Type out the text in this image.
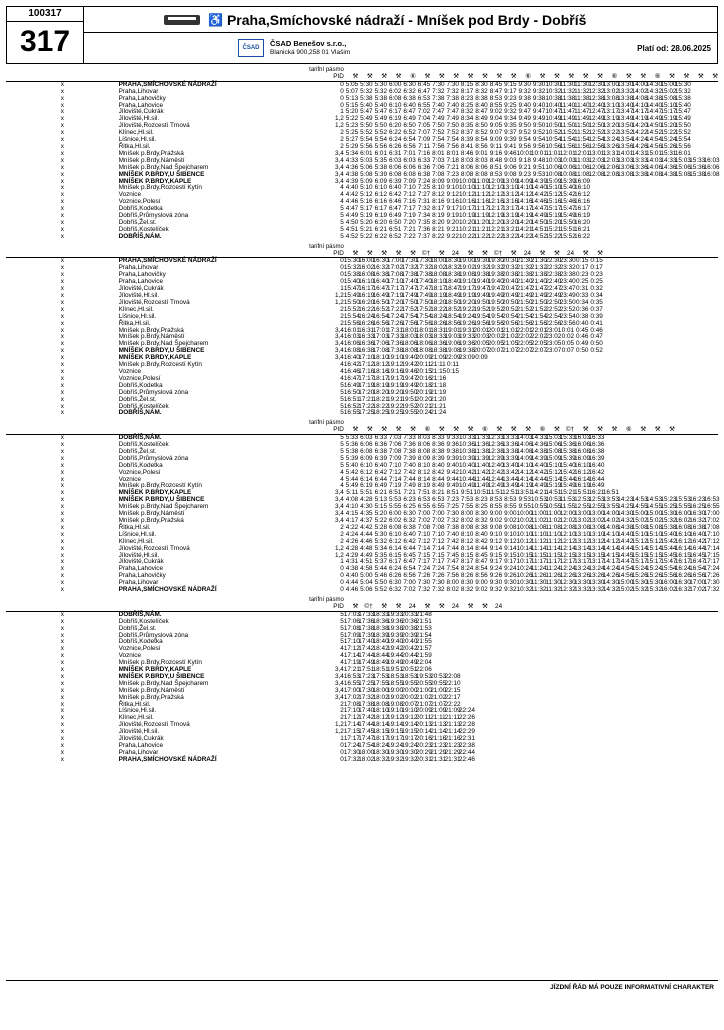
100317
317
♿ Praha,Smíchovské nádraží - Mníšek pod Brdy - Dobříš
ČSAD
ČSAD Benešov s.r.o.,
Blanická 900,258 01 Vlašim	Platí od: 28.06.2025
tarifní pásmo																												
		PID	⚒	⚒	⚒	⚒	⑥	⚒	⚒	⚒	⚒	⚒	⚒	⚒	⑥	⚒	⚒	⚒	⚒	⚒	⑥	⚒	⚒	⑥	⚒	⚒	⚒	⚒
x	PRAHA,SMÍCHOVSKÉ NÁDRAŽÍ	0	5:05	5:30	5:30	6:00	6:30	6:45	7:30	7:30	8:15	8:30	8:45	9:15	9:30	9:30	10:30	11:30	11:30	12:30	13:00	13:30	14:00	14:30	15:00	15:30		
x	Praha,Lihovar	0	5:07	5:32	5:32	6:02	6:32	6:47	7:32	7:32	8:17	8:32	8:47	9:17	9:32	9:32	10:32	11:32	11:32	12:32	13:02	13:32	14:02	14:32	15:02	15:32		
x	Praha,Lahovičky	0	5:13	5:38	5:38	6:08	6:38	6:53	7:38	7:38	8:23	8:38	8:53	9:23	9:38	9:38	10:38	11:38	11:38	12:38	13:08	13:38	14:08	14:38	15:08	15:38		
x	Praha,Lahovice	0	5:15	5:40	5:40	6:10	6:40	6:55	7:40	7:40	8:25	8:40	8:55	9:25	9:40	9:40	10:40	11:40	11:40	12:40	13:10	13:40	14:10	14:40	15:10	15:40		
x	Jílovišté,Cukrák	1	5:20	5:47	5:47	6:17	6:47	7:02	7:47	7:47	8:32	8:47	9:02	9:32	9:47	9:47	10:47	11:47	11:47	12:47	13:17	13:47	14:17	14:47	15:17	15:47		
x	Jílovišté,Hl.sil.	1,2	5:22	5:49	5:49	6:19	6:49	7:04	7:49	7:49	8:34	8:49	9:04	9:34	9:49	9:49	10:49	11:49	11:49	12:49	13:19	13:49	14:19	14:49	15:19	15:49		
x	Jílovišté,Rozcestí Trnová	1,2	5:23	5:50	5:50	6:20	6:50	7:05	7:50	7:50	8:35	8:50	9:05	9:35	9:50	9:50	10:50	11:50	11:50	12:50	13:20	13:50	14:20	14:50	15:20	15:50		
x	Klínec,Hl.sil.	2	5:25	5:52	5:52	6:22	6:52	7:07	7:52	7:52	8:37	8:52	9:07	9:37	9:52	9:52	10:52	11:52	11:52	12:52	13:22	13:52	14:22	14:52	15:22	15:52		
x	Líšnice,Hl.sil.	2	5:27	5:54	5:54	6:24	6:54	7:09	7:54	7:54	8:39	8:54	9:09	9:39	9:54	9:54	10:54	11:54	11:54	12:54	13:24	13:54	14:24	14:54	15:24	15:54		
x	Řitka,Hl.sil.	2	5:29	5:56	5:56	6:26	6:56	7:11	7:56	7:56	8:41	8:56	9:11	9:41	9:56	9:56	10:56	11:56	11:56	12:56	13:26	13:56	14:26	14:56	15:26	15:56		
x	Mníšek p.Brdy,Pražská	3,4	5:34	6:01	6:01	6:31	7:01	7:16	8:01	8:01	8:46	9:01	9:16	9:46	10:01	10:01	11:01	12:01	12:01	13:01	13:31	14:01	14:31	15:01	15:31	16:01		
x	Mníšek p.Brdy,Náměstí	3,4	4:33	5:03	5:35	6:03	6:03	6:33	7:03	7:18	8:03	8:03	8:48	9:03	9:18	9:48	10:03	10:03	11:03	12:03	12:03	13:03	13:33	14:03	14:33	15:03	15:33	16:03
x	Mníšek p.Brdy,Nad Špejcharem	3,4	4:36	5:06	5:38	6:06	6:06	6:36	7:06	7:21	8:06	8:06	8:51	9:06	9:21	9:51	10:06	10:06	11:06	12:06	12:06	13:06	13:36	14:06	14:36	15:06	15:36	16:06
x	MNÍŠEK P.BRDY,U ŠIBENCE	3,4	4:38	5:08	5:39	6:08	6:08	6:38	7:08	7:23	8:08	8:08	8:53	9:08	9:23	9:53	10:08	10:08	11:08	12:08	12:08	13:08	13:38	14:08	14:38	15:08	15:38	16:08
x	MNÍŠEK P.BRDY,KAPLE	3,4	4:39	5:09	6:09	6:39	7:09	7:24	8:09	9:09	10:09	11:09	12:09	13:09	14:09	14:39	15:09	15:39	16:09									
x	Mníšek p.Brdy,Rozcestí Kytín	4	4:40	5:10	6:10	6:40	7:10	7:25	8:10	9:10	10:10	11:10	12:10	13:10	14:10	14:40	15:10	15:40	16:10									
x	Voznice	4	4:42	5:12	6:12	6:42	7:12	7:27	8:12	9:12	10:12	11:12	12:12	13:12	14:12	14:42	15:12	15:42	16:12									
x	Voznice,Polesí	4	4:46	5:16	6:16	6:46	7:16	7:31	8:16	9:16	10:16	11:16	12:16	13:16	14:16	14:46	15:16	15:46	16:16									
x	Dobříš,Kodetka	5	4:47	5:17	6:17	6:47	7:17	7:32	8:17	9:17	10:17	11:17	12:17	13:17	14:17	14:47	15:17	15:47	16:17									
x	Dobříš,Průmyslová zóna	5	4:49	5:19	6:19	6:49	7:19	7:34	8:19	9:19	10:19	11:19	12:19	13:19	14:19	14:49	15:19	15:49	16:19									
x	Dobříš,Žel.st.	5	4:50	5:20	6:20	6:50	7:20	7:35	8:20	9:20	10:20	11:20	12:20	13:20	14:20	14:50	15:20	15:50	16:20									
x	Dobříš,Kostelíček	5	4:51	5:21	6:21	6:51	7:21	7:36	8:21	9:21	10:21	11:21	12:21	13:21	14:21	14:51	15:21	15:51	16:21									
x	DOBŘÍŠ,NÁM.	5	4:52	5:22	6:22	6:52	7:22	7:37	8:22	9:22	10:22	11:22	12:22	13:22	14:22	14:52	15:22	15:52	16:22									
tarifní pásmo																												
		PID	⚒	⚒	⚒	⚒	⚒	©†	⚒	24	⚒	⚒	©†	⚒	24	⚒	⚒	24	⚒	⚒								
x	PRAHA,SMÍCHOVSKÉ NÁDRAŽÍ	0	15:30	16:00	16:30	17:00	17:30	17:30	18:00	18:30	19:00	19:30	19:30	20:30	21:30	21:30	22:30	23:30	0:15	0:15								
x	Praha,Lihovar	0	15:32	16:02	16:32	17:02	17:32	17:32	18:02	18:32	19:02	19:32	19:32	20:32	21:32	21:32	22:32	23:32	0:17	0:17								
x	Praha,Lahovičky	0	15:38	16:08	16:38	17:08	17:38	17:38	18:08	18:38	19:08	19:38	19:38	20:38	21:38	21:38	22:38	23:38	0:23	0:23								
x	Praha,Lahovice	0	15:40	16:10	16:40	17:10	17:40	17:40	18:10	18:40	19:10	19:40	19:40	20:40	21:40	21:40	22:40	23:40	0:25	0:25								
x	Jílovišté,Cukrák	1	15:47	16:17	16:47	17:17	17:47	17:47	18:17	18:47	19:17	19:47	19:47	20:47	21:47	21:47	22:47	23:47	0:31	0:32								
x	Jílovišté,Hl.sil.	1,2	15:49	16:19	16:49	17:19	17:49	17:49	18:19	18:49	19:19	19:49	19:49	20:49	21:49	21:49	22:49	23:49	0:33	0:34								
x	Jílovišté,Rozcestí Trnová	1,2	15:50	16:20	16:50	17:20	17:50	17:50	18:20	18:50	19:20	19:50	19:50	20:50	21:50	21:50	22:50	23:50	0:34	0:35								
x	Klínec,Hl.sil.	2	15:52	16:22	16:52	17:22	17:52	17:52	18:22	18:52	19:22	19:52	19:52	20:52	21:52	21:52	22:52	23:52	0:36	0:37								
x	Líšnice,Hl.sil.	2	15:54	16:24	16:54	17:24	17:54	17:54	18:24	18:54	19:24	19:54	19:54	20:54	21:54	21:54	22:54	23:54	0:38	0:39								
x	Řitka,Hl.sil.	2	15:56	16:26	16:56	17:26	17:56	17:56	18:26	18:56	19:26	19:56	19:56	20:56	21:56	21:56	22:56	23:56	0:40	0:41								
x	Mníšek p.Brdy,Pražská	3,4	16:01	16:31	17:01	17:31	18:01	18:01	18:31	19:01	19:31	20:01	20:01	21:01	22:01	22:01	23:01	0:01	0:45	0:46								
x	Mníšek p.Brdy,Náměstí	3,4	16:03	16:33	17:03	17:33	18:03	18:03	18:33	19:03	19:33	20:03	20:02	21:02	22:02	22:02	23:02	0:02	0:46	0:47								
x	Mníšek p.Brdy,Nad Špejcharem	3,4	16:06	16:36	17:06	17:36	18:06	18:06	18:36	19:06	19:36	20:05	20:05	21:05	22:05	22:05	23:05	0:05	0:49	0:50								
x	MNÍŠEK P.BRDY,U ŠIBENCE	3,4	16:08	16:38	17:08	17:38	18:08	18:08	18:38	19:08	19:38	20:07	20:07	21:07	22:07	22:07	23:07	0:07	0:50	0:52								
x	MNÍŠEK P.BRDY,KAPLE	3,4	16:40	17:10	18:10	19:10	19:40	20:09	21:09	22:09	23:09	0:09																
x	Mníšek p.Brdy,Rozcestí Kytín	4	16:42	17:12	18:12	19:12	19:42	20:11	21:11	0:11																		
x	Voznice	4	16:46	17:16	18:16	19:16	19:46	20:15	21:15	0:15																		
x	Voznice,Polesí	4	16:47	17:17	18:17	19:17	19:47	20:16	21:16																			
x	Dobříš,Kodetka	5	16:49	17:19	18:19	19:19	19:49	20:18	21:18																			
x	Dobříš,Průmyslová zóna	5	16:50	17:20	18:20	19:20	19:50	20:19	21:19																			
x	Dobříš,Žel.st.	5	16:51	17:21	18:21	19:21	19:51	20:20	21:20																			
x	Dobříš,Kostelíček	5	16:52	17:22	18:22	19:22	19:52	20:21	21:21																			
x	DOBŘÍŠ,NÁM.	5	16:55	17:25	18:25	19:25	19:55	20:24	21:24																			
tarifní pásmo																												
		PID	⚒	⚒	⚒	⚒	⚒	⑥	⚒	⚒	⚒	⑥	⚒	⚒	⚒	⑥	⚒	©†	⚒	⚒	⚒	⑥	⚒	⚒	⚒			
x	DOBŘÍŠ,NÁM.	5	5:33	6:03	6:33	7:03	7:33	8:03	8:33	9:33	10:33	11:33	12:33	13:33	14:03	14:33	15:03	15:33	16:03	16:33								
x	Dobříš,Kostelíček	5	5:36	6:06	6:36	7:06	7:36	8:06	8:36	9:36	10:36	11:36	12:36	13:36	14:06	14:36	15:06	15:36	16:06	16:36								
x	Dobříš,Žel.st.	5	5:38	6:08	6:38	7:08	7:38	8:08	8:38	9:38	10:38	11:38	12:38	13:38	14:08	14:38	15:08	15:38	16:08	16:38								
x	Dobříš,Průmyslová zóna	5	5:39	6:09	6:39	7:09	7:39	8:09	8:39	9:39	10:39	11:39	12:39	13:39	14:09	14:39	15:09	15:39	16:09	16:39								
x	Dobříš,Kodetka	5	5:40	6:10	6:40	7:10	7:40	8:10	8:40	9:40	10:40	11:40	12:40	13:40	14:10	14:40	15:10	15:40	16:10	16:40								
x	Voznice,Polesí	4	5:42	6:12	6:42	7:12	7:42	8:12	8:42	9:42	10:42	11:42	12:42	13:42	14:12	14:42	15:12	15:42	16:12	16:42								
x	Voznice	4	5:44	6:14	6:44	7:14	7:44	8:14	8:44	9:44	10:44	11:44	12:44	13:44	14:14	14:44	15:14	15:44	16:14	16:44								
x	Mníšek p.Brdy,Rozcestí Kytín	4	5:49	6:19	6:49	7:19	7:49	8:19	8:49	9:49	10:49	11:49	12:49	13:49	14:19	14:49	15:19	15:49	16:19	16:49								
x	MNÍŠEK P.BRDY,KAPLE	3,4	5:11	5:51	6:21	6:51	7:21	7:51	8:21	8:51	9:51	10:51	11:51	12:51	13:51	14:21	14:51	15:21	15:51	16:21	16:51							
x	MNÍŠEK P.BRDY,U ŠIBENCE	3,4	4:08	4:28	5:13	5:53	6:23	6:53	6:53	7:23	7:53	8:23	8:53	8:53	9:53	10:53	10:53	11:53	12:53	12:53	13:53	14:23	14:53	14:53	15:23	15:53	16:23	16:53
x	Mníšek p.Brdy,Nad Špejcharem	3,4	4:10	4:30	5:15	5:55	6:25	6:55	6:55	7:25	7:55	8:25	8:55	8:55	9:55	10:55	10:55	11:55	12:55	12:55	13:55	14:25	14:55	14:55	15:25	15:55	16:25	16:55
x	Mníšek p.Brdy,Náměstí	3,4	4:15	4:35	5:20	6:00	6:30	7:00	7:00	7:30	8:00	8:30	9:00	9:00	10:00	11:00	11:00	12:00	13:00	13:00	14:00	14:30	15:00	15:00	15:30	16:00	16:30	17:00
x	Mníšek p.Brdy,Pražská	3,4	4:17	4:37	5:22	6:02	6:32	7:02	7:02	7:32	8:02	8:32	9:02	9:02	10:02	11:02	11:02	12:02	13:02	13:02	14:02	14:32	15:02	15:02	15:32	16:02	16:32	17:02
x	Řitka,Hl.sil.	2	4:22	4:42	5:28	6:08	6:38	7:08	7:08	7:38	8:08	8:38	9:08	9:08	10:08	11:08	11:08	12:08	13:08	13:08	14:08	14:38	15:08	15:08	15:38	16:08	16:38	17:08
x	Líšnice,Hl.sil.	2	4:24	4:44	5:30	6:10	6:40	7:10	7:10	7:40	8:10	8:40	9:10	9:10	10:10	11:10	11:10	12:10	13:10	13:10	14:10	14:40	15:10	15:10	15:40	16:10	16:40	17:10
x	Klínec,Hl.sil.	2	4:26	4:46	5:32	6:12	6:42	7:12	7:12	7:42	8:12	8:42	9:12	9:12	10:12	11:12	11:12	12:12	13:12	13:12	14:12	14:42	15:12	15:12	15:42	16:12	16:42	17:12
x	Jílovišté,Rozcestí Trnová	1,2	4:28	4:48	5:34	6:14	6:44	7:14	7:14	7:44	8:14	8:44	9:14	9:14	10:14	11:14	11:14	12:14	13:14	13:14	14:14	14:44	15:14	15:14	15:44	16:14	16:44	17:14
x	Jílovišté,Hl.sil.	1,2	4:29	4:49	5:35	6:15	6:45	7:15	7:15	7:45	8:15	8:45	9:15	9:15	10:15	11:15	11:15	12:15	13:15	13:15	14:15	14:45	15:15	15:15	15:45	16:15	16:45	17:15
x	Jílovišté,Cukrák	1	4:31	4:51	5:37	6:17	6:47	7:17	7:17	7:47	8:17	8:47	9:17	9:17	10:17	11:17	11:17	12:17	13:17	13:17	14:17	14:47	15:17	15:17	15:47	16:17	16:47	17:17
x	Praha,Lahovice	0	4:38	4:58	5:44	6:24	6:54	7:24	7:24	7:54	8:24	8:54	9:24	9:24	10:24	11:24	11:24	12:24	13:24	13:24	14:24	14:54	15:24	15:24	15:54	16:24	16:54	17:24
x	Praha,Lahovičky	0	4:40	5:00	5:46	6:26	6:56	7:26	7:26	7:56	8:26	8:56	9:26	9:26	10:26	11:26	11:26	12:26	13:26	13:26	14:26	14:56	15:26	15:26	15:56	16:26	16:56	17:26
x	Praha,Lihovar	0	4:44	5:04	5:50	6:30	7:00	7:30	7:30	8:00	8:30	9:00	9:30	9:30	10:30	11:30	11:30	12:30	13:30	13:30	14:30	15:00	15:30	15:30	16:00	16:30	17:00	17:30
x	PRAHA,SMÍCHOVSKÉ NÁDRAŽÍ	0	4:46	5:06	5:52	6:32	7:02	7:32	7:32	8:02	8:32	9:02	9:32	9:32	10:32	11:32	11:32	12:32	13:32	13:32	14:32	15:02	15:32	15:32	16:02	16:32	17:02	17:32
tarifní pásmo																												
		PID	⚒	©†	⚒	⚒	24	⚒	⚒	24	⚒	⚒	24															
x	DOBŘÍŠ,NÁM.	5	17:03	17:33	18:33	19:33	20:33	21:48																				
x	Dobříš,Kostelíček	5	17:06	17:36	18:36	19:36	20:36	21:51																				
x	Dobříš,Žel.st.	5	17:08	17:38	18:38	19:38	20:38	21:53																				
x	Dobříš,Průmyslová zóna	5	17:09	17:39	18:39	19:39	20:39	21:54																				
x	Dobříš,Kodetka	5	17:10	17:40	18:40	19:40	20:40	21:55																				
x	Voznice,Polesí	4	17:12	17:42	18:42	19:42	20:42	21:57																				
x	Voznice	4	17:14	17:44	18:44	19:44	20:44	21:59																				
x	Mníšek p.Brdy,Rozcestí Kytín	4	17:19	17:49	18:49	19:49	20:49	22:04																				
x	MNÍŠEK P.BRDY,KAPLE	3,4	17:21	17:51	18:51	19:51	20:51	22:06																				
x	MNÍŠEK P.BRDY,U ŠIBENCE	3,4	16:53	17:23	17:53	18:53	18:53	19:53	20:53	22:08																		
x	Mníšek p.Brdy,Nad Špejcharem	3,4	16:55	17:25	17:55	18:55	19:55	20:55	20:55	22:10																		
x	Mníšek p.Brdy,Náměstí	3,4	17:00	17:30	18:00	19:00	20:00	21:00	21:00	22:15																		
x	Mníšek p.Brdy,Pražská	3,4	17:02	17:32	18:02	19:02	20:02	21:02	21:02	22:17																		
x	Řitka,Hl.sil.	2	17:08	17:38	18:08	19:08	20:07	21:07	21:07	22:22																		
x	Líšnice,Hl.sil.	2	17:10	17:40	18:10	19:10	19:10	20:09	21:09	21:09	22:24																	
x	Klínec,Hl.sil.	2	17:12	17:42	18:12	19:12	19:12	20:11	21:11	21:11	22:26																	
x	Jílovišté,Rozcestí Trnová	1,2	17:14	17:44	18:14	19:14	19:14	20:13	21:13	21:13	22:28																	
x	Jílovišté,Hl.sil.	1,2	17:15	17:45	18:15	19:15	19:15	20:14	21:14	21:14	22:29																	
x	Jílovišté,Cukrák	1	17:17	17:47	18:17	19:17	19:17	20:16	21:16	21:16	22:31																	
x	Praha,Lahovice	0	17:24	17:54	18:24	19:24	19:24	20:23	21:23	21:23	22:38																	
x	Praha,Lihovar	0	17:30	18:00	18:30	19:30	19:30	20:29	21:29	21:29	22:44																	
x	PRAHA,SMÍCHOVSKÉ NÁDRAŽÍ	0	17:32	18:02	18:32	19:32	19:32	20:31	21:31	21:31	22:46																	
JÍZDNÍ ŘÁD MÁ POUZE INFORMATIVNÍ CHARAKTER
